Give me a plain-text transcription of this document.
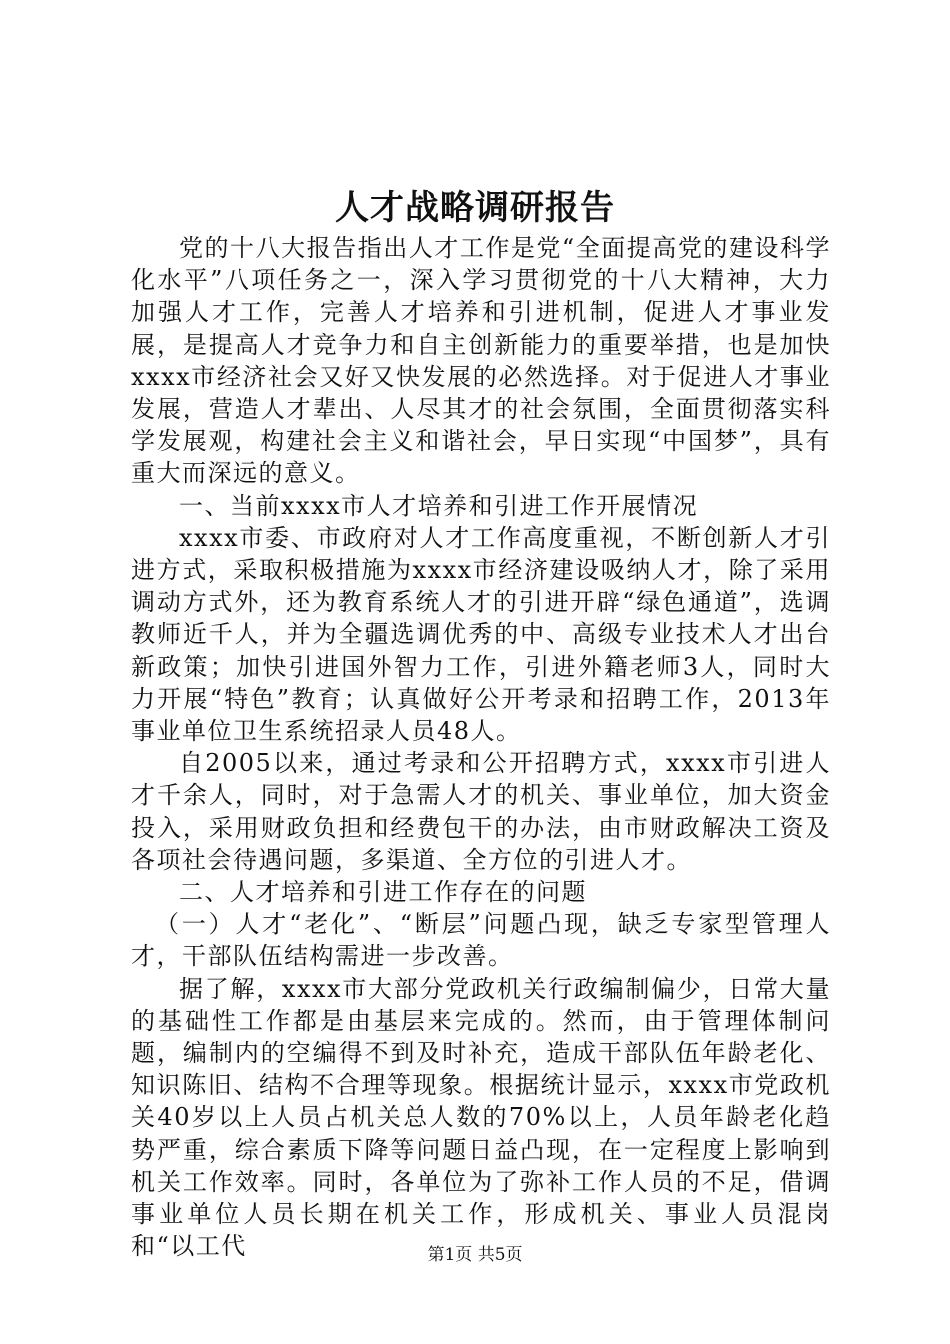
人才战略调研报告

党的十八大报告指出人才工作是党“全面提高党的建设科学化水平”八项任务之一，深入学习贯彻党的十八大精神，大力加强人才工作，完善人才培养和引进机制，促进人才事业发展，是提高人才竞争力和自主创新能力的重要举措，也是加快xxxx市经济社会又好又快发展的必然选择。对于促进人才事业发展，营造人才辈出、人尽其才的社会氛围，全面贯彻落实科学发展观，构建社会主义和谐社会，早日实现“中国梦”，具有重大而深远的意义。

一、当前xxxx市人才培养和引进工作开展情况

xxxx市委、市政府对人才工作高度重视，不断创新人才引进方式，采取积极措施为xxxx市经济建设吸纳人才，除了采用调动方式外，还为教育系统人才的引进开辟“绿色通道”，选调教师近千人，并为全疆选调优秀的中、高级专业技术人才出台新政策；加快引进国外智力工作，引进外籍老师3人，同时大力开展“特色”教育；认真做好公开考录和招聘工作，2013年事业单位卫生系统招录人员48人。

自2005以来，通过考录和公开招聘方式，xxxx市引进人才千余人，同时，对于急需人才的机关、事业单位，加大资金投入，采用财政负担和经费包干的办法，由市财政解决工资及各项社会待遇问题，多渠道、全方位的引进人才。

二、人才培养和引进工作存在的问题

（一）人才“老化”、“断层”问题凸现，缺乏专家型管理人才，干部队伍结构需进一步改善。

据了解，xxxx市大部分党政机关行政编制偏少，日常大量的基础性工作都是由基层来完成的。然而，由于管理体制问题，编制内的空编得不到及时补充，造成干部队伍年龄老化、知识陈旧、结构不合理等现象。根据统计显示，xxxx市党政机关40岁以上人员占机关总人数的70%以上，人员年龄老化趋势严重，综合素质下降等问题日益凸现，在一定程度上影响到机关工作效率。同时，各单位为了弥补工作人员的不足，借调事业单位人员长期在机关工作，形成机关、事业人员混岗和“以工代	第1页 共5页
